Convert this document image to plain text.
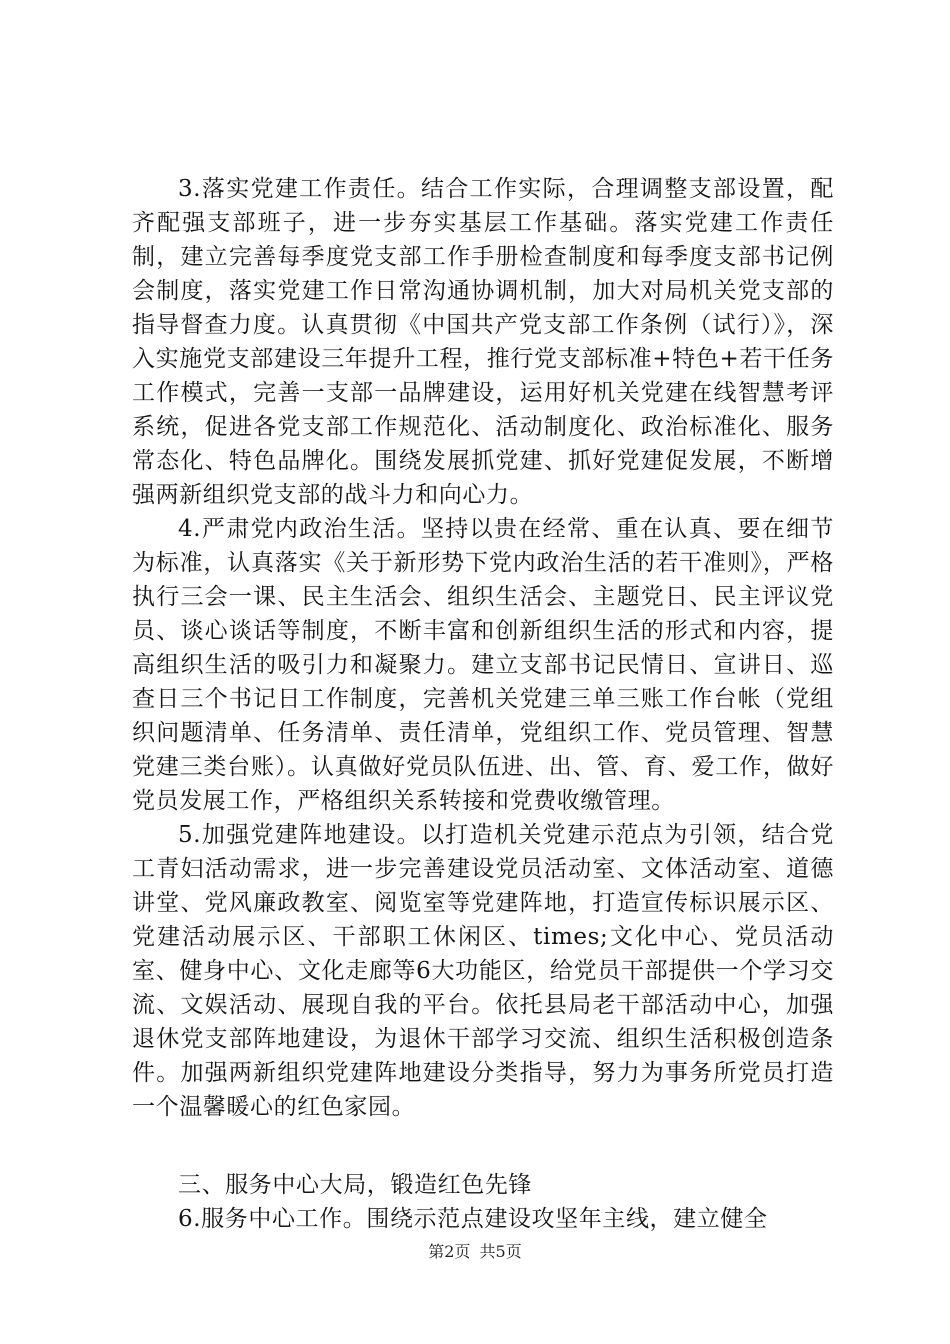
3.落实党建工作责任。结合工作实际，合理调整支部设置，配齐配强支部班子，进一步夯实基层工作基础。落实党建工作责任制，建立完善每季度党支部工作手册检查制度和每季度支部书记例会制度，落实党建工作日常沟通协调机制，加大对局机关党支部的指导督查力度。认真贯彻《中国共产党支部工作条例（试行）》，深入实施党支部建设三年提升工程，推行党支部标准+特色+若干任务工作模式，完善一支部一品牌建设，运用好机关党建在线智慧考评系统，促进各党支部工作规范化、活动制度化、政治标准化、服务常态化、特色品牌化。围绕发展抓党建、抓好党建促发展，不断增强两新组织党支部的战斗力和向心力。

4.严肃党内政治生活。坚持以贵在经常、重在认真、要在细节为标准，认真落实《关于新形势下党内政治生活的若干准则》，严格执行三会一课、民主生活会、组织生活会、主题党日、民主评议党员、谈心谈话等制度，不断丰富和创新组织生活的形式和内容，提高组织生活的吸引力和凝聚力。建立支部书记民情日、宣讲日、巡查日三个书记日工作制度，完善机关党建三单三账工作台帐（党组织问题清单、任务清单、责任清单，党组织工作、党员管理、智慧党建三类台账）。认真做好党员队伍进、出、管、育、爱工作，做好党员发展工作，严格组织关系转接和党费收缴管理。

5.加强党建阵地建设。以打造机关党建示范点为引领，结合党工青妇活动需求，进一步完善建设党员活动室、文体活动室、道德讲堂、党风廉政教室、阅览室等党建阵地，打造宣传标识展示区、党建活动展示区、干部职工休闲区、times;文化中心、党员活动室、健身中心、文化走廊等6大功能区，给党员干部提供一个学习交流、文娱活动、展现自我的平台。依托县局老干部活动中心，加强退休党支部阵地建设，为退休干部学习交流、组织生活积极创造条件。加强两新组织党建阵地建设分类指导，努力为事务所党员打造一个温馨暖心的红色家园。

三、服务中心大局，锻造红色先锋

6.服务中心工作。围绕示范点建设攻坚年主线，建立健全

第2页 共5页
